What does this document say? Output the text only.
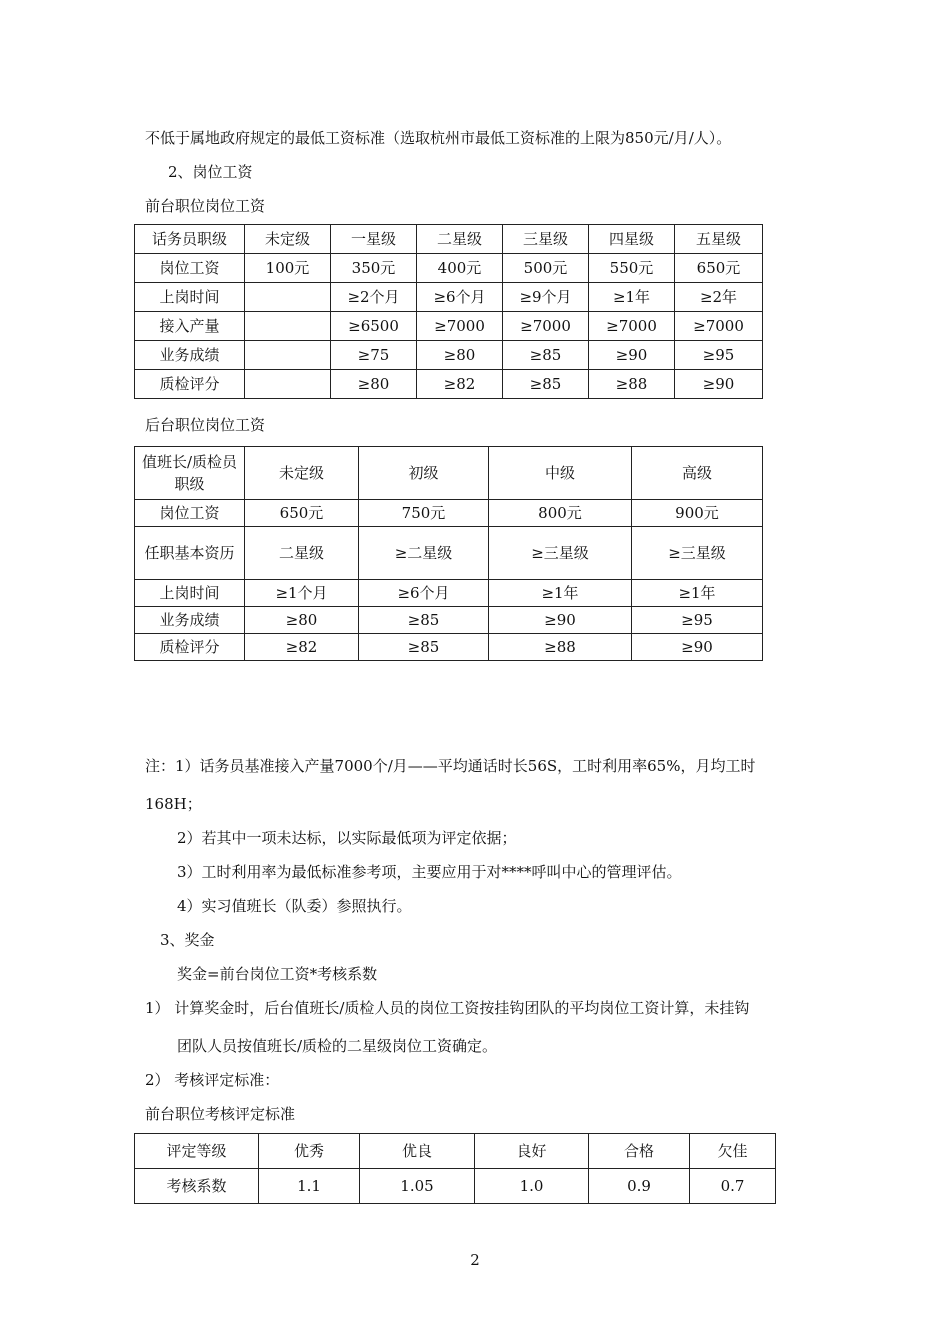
不低于属地政府规定的最低工资标准（选取杭州市最低工资标准的上限为850元/月/人）。
2、岗位工资
前台职位岗位工资
话务员职级	未定级	一星级	二星级	三星级	四星级	五星级
岗位工资	100元	350元	400元	500元	550元	650元
上岗时间		≥2个月	≥6个月	≥9个月	≥1年	≥2年
接入产量		≥6500	≥7000	≥7000	≥7000	≥7000
业务成绩		≥75	≥80	≥85	≥90	≥95
质检评分		≥80	≥82	≥85	≥88	≥90
后台职位岗位工资
值班长/质检员职级	未定级	初级	中级	高级
岗位工资	650元	750元	800元	900元
任职基本资历	二星级	≥二星级	≥三星级	≥三星级
上岗时间	≥1个月	≥6个月	≥1年	≥1年
业务成绩	≥80	≥85	≥90	≥95
质检评分	≥82	≥85	≥88	≥90
注：1）话务员基准接入产量7000个/月——平均通话时长56S，工时利用率65%，月均工时
168H；
2）若其中一项未达标，以实际最低项为评定依据；
3）工时利用率为最低标准参考项，主要应用于对****呼叫中心的管理评估。
4）实习值班长（队委）参照执行。
3、奖金
奖金=前台岗位工资*考核系数
1） 计算奖金时，后台值班长/质检人员的岗位工资按挂钩团队的平均岗位工资计算，未挂钩
团队人员按值班长/质检的二星级岗位工资确定。
2） 考核评定标准：
前台职位考核评定标准
评定等级	优秀	优良	良好	合格	欠佳
考核系数	1.1	1.05	1.0	0.9	0.7
2
